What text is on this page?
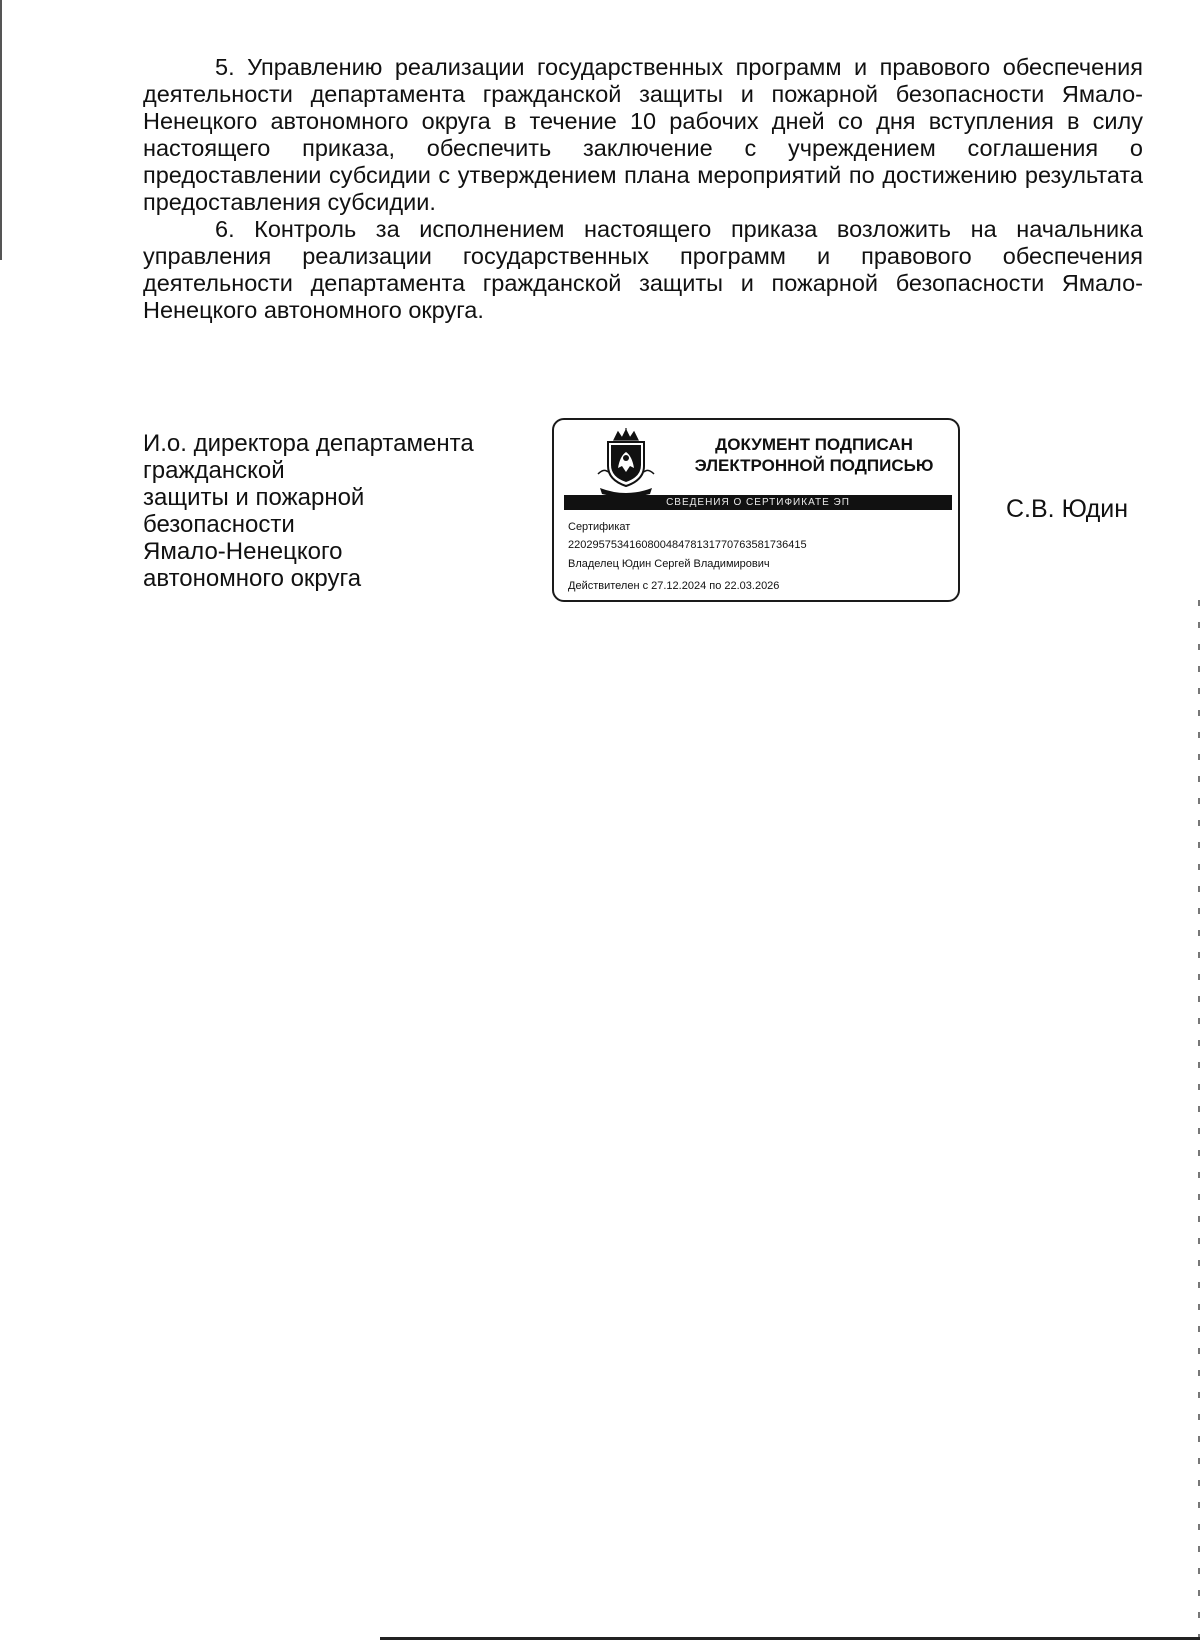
5. Управлению реализации государственных программ и правового обеспечения деятельности департамента гражданской защиты и пожарной безопасности Ямало-Ненецкого автономного округа в течение 10 рабочих дней со дня вступления в силу настоящего приказа, обеспечить заключение с учреждением соглашения о предоставлении субсидии с утверждением плана мероприятий по достижению результата предоставления субсидии.

6. Контроль за исполнением настоящего приказа возложить на начальника управления реализации государственных программ и правового обеспечения деятельности департамента гражданской защиты и пожарной безопасности Ямало-Ненецкого автономного округа.

И.о. директора департамента
гражданской
защиты и пожарной
безопасности
Ямало-Ненецкого
автономного округа
ДОКУМЕНТ ПОДПИСАН
ЭЛЕКТРОННОЙ ПОДПИСЬЮ
СВЕДЕНИЯ О СЕРТИФИКАТЕ ЭП
Сертификат
220295753416080048478131770763581736415
Владелец Юдин Сергей Владимирович
Действителен с 27.12.2024 по 22.03.2026
С.В. Юдин
